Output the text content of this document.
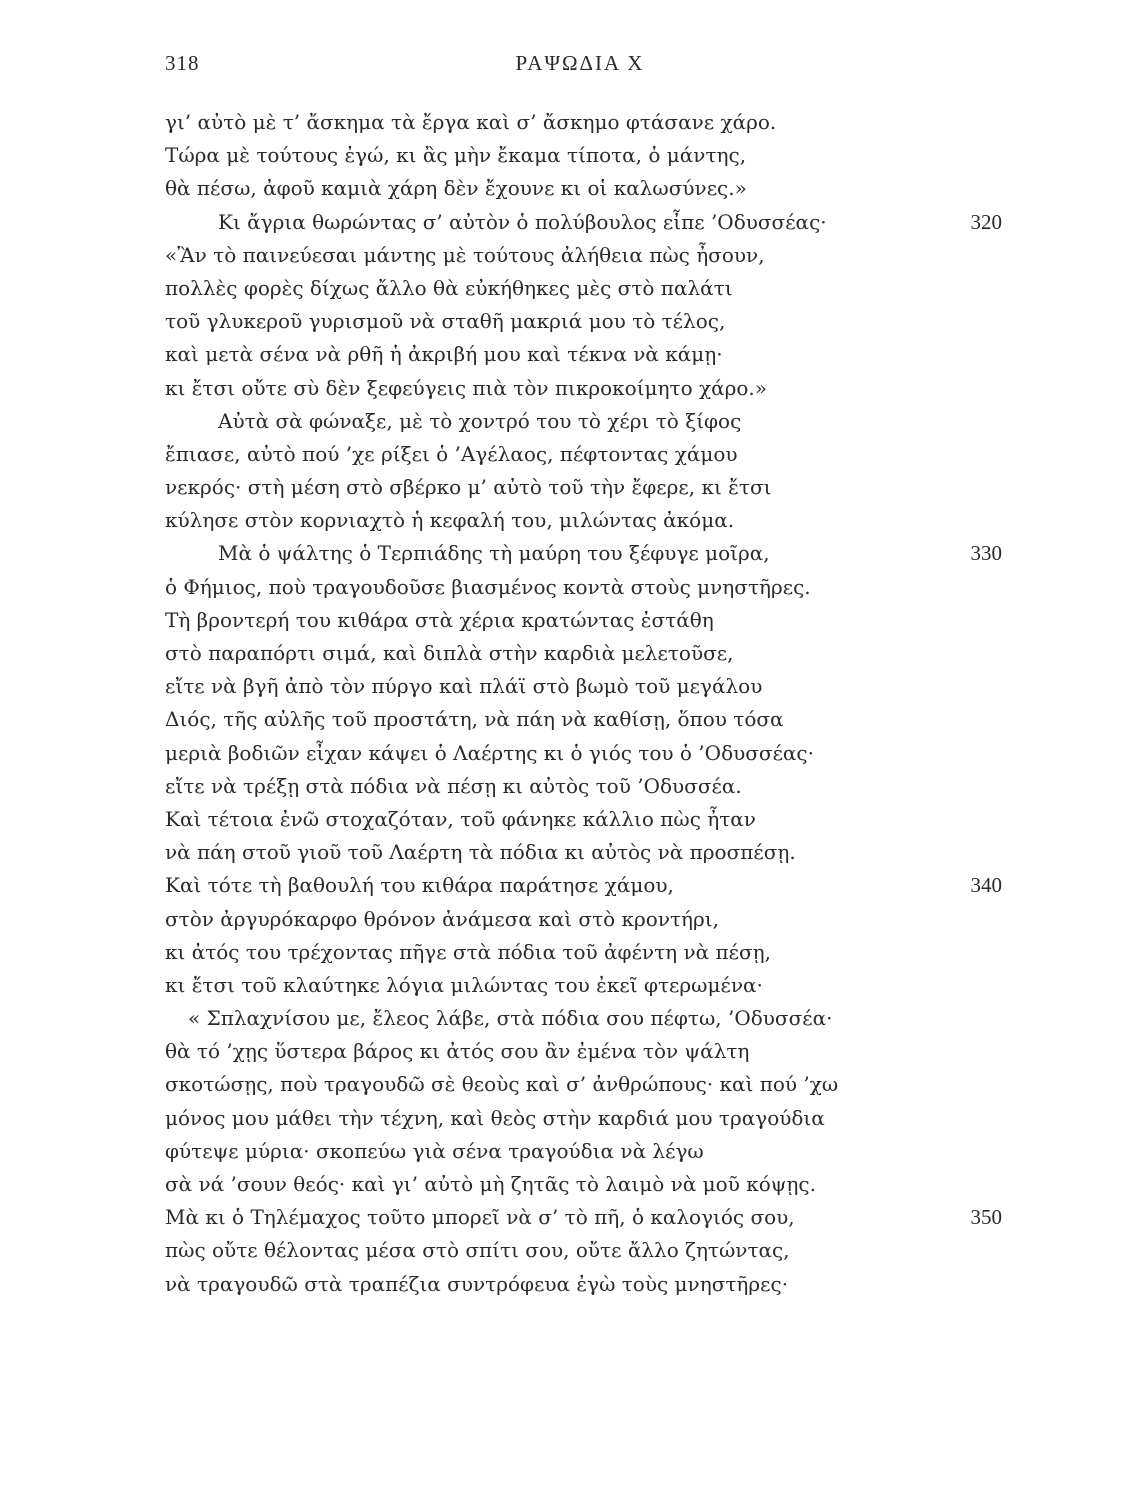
318	ΡΑΨΩΔΙΑ Χ
γι’ αὐτὸ μὲ τ’ ἄσκημα τὰ ἔργα καὶ σ’ ἄσκημο φτάσανε χάρο.
Τώρα μὲ τούτους ἐγώ, κι ἂς μὴν ἔκαμα τίποτα, ὁ μάντης,
θὰ πέσω, ἀφοῦ καμιὰ χάρη δὲν ἔχουνε κι οἱ καλωσύνες.»
Κι ἄγρια θωρώντας σ’ αὐτὸν ὁ πολύβουλος εἶπε ’Οδυσσέας·	320
«Ἂν τὸ παινεύεσαι μάντης μὲ τούτους ἀλήθεια πὼς ἦσουν,
πολλὲς φορὲς δίχως ἄλλο θὰ εὐκήθηκες μὲς στὸ παλάτι
τοῦ γλυκεροῦ γυρισμοῦ νὰ σταθῆ μακριά μου τὸ τέλος,
καὶ μετὰ σένα νὰ ρθῆ ἡ ἀκριβή μου καὶ τέκνα νὰ κάμῃ·
κι ἔτσι οὔτε σὺ δὲν ξεφεύγεις πιὰ τὸν πικροκοίμητο χάρο.»
Αὐτὰ σὰ φώναξε, μὲ τὸ χοντρό του τὸ χέρι τὸ ξίφος
ἔπιασε, αὐτὸ πού ’χε ρίξει ὁ ’Αγέλαος, πέφτοντας χάμου
νεκρός· στὴ μέση στὸ σβέρκο μ’ αὐτὸ τοῦ τὴν ἔφερε, κι ἔτσι
κύλησε στὸν κορνιαχτὸ ἡ κεφαλή του, μιλώντας ἀκόμα.
Μὰ ὁ ψάλτης ὁ Τερπιάδης τὴ μαύρη του ξέφυγε μοῖρα,	330
ὁ Φήμιος, ποὺ τραγουδοῦσε βιασμένος κοντὰ στοὺς μνηστῆρες.
Τὴ βροντερή του κιθάρα στὰ χέρια κρατώντας ἐστάθη
στὸ παραπόρτι σιμά, καὶ διπλὰ στὴν καρδιὰ μελετοῦσε,
εἴτε νὰ βγῆ ἀπὸ τὸν πύργο καὶ πλάϊ στὸ βωμὸ τοῦ μεγάλου
Διός, τῆς αὐλῆς τοῦ προστάτη, νὰ πάη νὰ καθίσῃ, ὅπου τόσα
μεριὰ βοδιῶν εἶχαν κάψει ὁ Λαέρτης κι ὁ γιός του ὁ ’Οδυσσέας·
εἴτε νὰ τρέξῃ στὰ πόδια νὰ πέσῃ κι αὐτὸς τοῦ ’Οδυσσέα.
Καὶ τέτοια ἐνῶ στοχαζόταν, τοῦ φάνηκε κάλλιο πὼς ἦταν
νὰ πάη στοῦ γιοῦ τοῦ Λαέρτη τὰ πόδια κι αὐτὸς νὰ προσπέσῃ.
Καὶ τότε τὴ βαθουλή του κιθάρα παράτησε χάμου,	340
στὸν ἀργυρόκαρφο θρόνον ἀνάμεσα καὶ στὸ κροντήρι,
κι ἀτός του τρέχοντας πῆγε στὰ πόδια τοῦ ἀφέντη νὰ πέσῃ,
κι ἔτσι τοῦ κλαύτηκε λόγια μιλώντας του ἐκεῖ φτερωμένα·
« Σπλαχνίσου με, ἔλεος λάβε, στὰ πόδια σου πέφτω, ’Οδυσσέα·
θὰ τό ’χῃς ὕστερα βάρος κι ἀτός σου ἂν ἐμένα τὸν ψάλτη
σκοτώσῃς, ποὺ τραγουδῶ σὲ θεοὺς καὶ σ’ ἀνθρώπους· καὶ πού ’χω
μόνος μου μάθει τὴν τέχνη, καὶ θεὸς στὴν καρδιά μου τραγούδια
φύτεψε μύρια· σκοπεύω γιὰ σένα τραγούδια νὰ λέγω
σὰ νά ’σουν θεός· καὶ γι’ αὐτὸ μὴ ζητᾶς τὸ λαιμὸ νὰ μοῦ κόψῃς.
Μὰ κι ὁ Τηλέμαχος τοῦτο μπορεῖ νὰ σ’ τὸ πῆ, ὁ καλογιός σου,	350
πὼς οὔτε θέλοντας μέσα στὸ σπίτι σου, οὔτε ἄλλο ζητώντας,
νὰ τραγουδῶ στὰ τραπέζια συντρόφευα ἐγὼ τοὺς μνηστῆρες·
